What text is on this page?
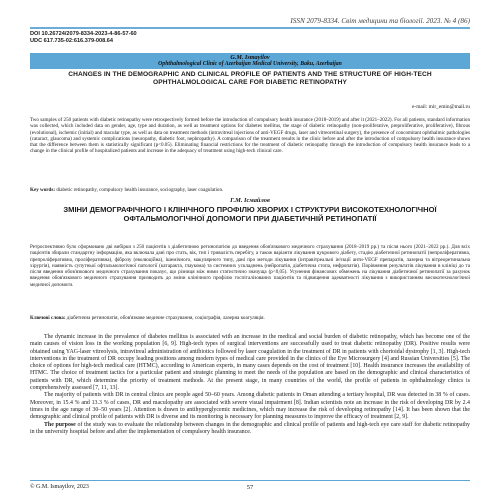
ISSN 2079-8334. Світ медицини та біології. 2023. № 4 (86)
DOI 10.26724/2079-8334-2023-4-86-57-60
UDC 617.735-02:616.379-008.64
G.M. Ismayilov
Ophthalmological Clinic of Azerbaijan Medical University, Baku, Azerbaijan
CHANGES IN THE DEMOGRAPHIC AND CLINICAL PROFILE OF PATIENTS AND THE STRUCTURE OF HIGH-TECH OPHTHALMOLOGICAL CARE FOR DIABETIC RETINOPATHY
e-mail: mir_emin@mail.ru
Two samples of 250 patients with diabetic retinopathy were retrospectively formed before the introduction of compulsory health insurance (2018–2019) and after it (2021–2022). For all patients, standard information was collected, which included data on gender, age, type and duration, as well as treatment options for diabetes mellitus, the stage of diabetic retinopathy (non-proliferative, preproliferative, proliferative), fibrous (evolutional), ischemic (initial) and macular type, as well as data on treatment methods (intravitreal injections of anti-VEGF drugs, laser and vitreoretinal surgery), the presence of concomitant ophthalmic pathologies (cataract, glaucoma) and systemic complications (neuropathy, diabetic foot, nephropathy). A comparison of the treatment results in the clinic before and after the introduction of compulsory health insurance shows that the difference between them is statistically significant (p<0.05). Eliminating financial restrictions for the treatment of diabetic retinopathy through the introduction of compulsory health insurance leads to a change in the clinical profile of hospitalized patients and increase in the adequacy of treatment using high-tech clinical care.
Key words: diabetic retinopathy, compulsory health insurance, sociography, laser coagulation.
Г.М. Ісмайлов
ЗМІНИ ДЕМОГРАФІЧНОГО І КЛІНІЧНОГО ПРОФІЛЮ ХВОРИХ І СТРУКТУРИ ВИСОКОТЕХНОЛОГІЧНОЇ ОФТАЛЬМОЛОГІЧНОЇ ДОПОМОГИ ПРИ ДІАБЕТИЧНІЙ РЕТИНОПАТІЇ
Ретроспективно було сформовано дві вибірки з 250 пацієнтів з діабетичною ретинопатією до введення обов'язкового медичного страхування (2018–2019 рр.) та після нього (2021–2022 рр.). Для всіх пацієнтів збирали стандартну інформацію, яка включала дані про стать, вік, тип і тривалість перебігу, а також варіанти лікування цукрового діабету, стадію діабетичної ретинопатії (непроліферативна, препроліферативна, проліферативна), фіброзу (еволюційна), ішемічного, макулярного типу, дані про методи лікування (інтравітреальні ін'єкції анти-VEGF препаратів, лазерна та вітреоретинальна хірургія), наявність супутньої офтальмологічної патології (катаракта, глаукома) та системних ускладнень (нейропатія, діабетична стопа, нефропатія). Порівняння результатів лікування в клініці до та після введення обов'язкового медичного страхування показує, що різниця між ними статистично значуща (p<0,05). Усунення фінансових обмежень на лікування діабетичної ретинопатії за рахунок введення обов'язкового медичного страхування призводить до зміни клінічного профілю госпіталізованих пацієнтів та підвищення адекватності лікування з використанням високотехнологічної медичної допомоги.
Ключові слова: діабетична ретинопатія, обов'язкове медичне страхування, соціографія, лазерна коагуляція.

The dynamic increase in the prevalence of diabetes mellitus is associated with an increase in the medical and social burden of diabetic retinopathy, which has become one of the main causes of vision loss in the working population [6, 9]. High-tech types of surgical interventions are successfully used to treat diabetic retinopathy (DR). Positive results were obtained using YAG-laser vitreolysis, intravitreal administration of antibiotics followed by laser coagulation in the treatment of DR in patients with chorioidal dystrophy [1, 3]. High-tech interventions in the treatment of DR occupy leading positions among modern types of medical care provided in the clinics of the Eye Microsurgery [4] and Russian Universities [5]. The choice of options for high-tech medical care (HTMC), according to American experts, in many cases depends on the cost of treatment [10]. Health insurance increases the availability of HTMC. The choice of treatment tactics for a particular patient and strategic planning to meet the needs of the population are based on the demographic and clinical characteristics of patients with DR, which determine the priority of treatment methods. At the present stage, in many countries of the world, the profile of patients in ophthalmology clinics is comprehensively assessed [7, 11, 13].

The majority of patients with DR in central clinics are people aged 50–60 years. Among diabetic patients in Oman attending a tertiary hospital, DR was detected in 38 % of cases. Moreover, in 15.4 % and 13.3 % of cases, DR and maculopathy are associated with severe visual impairment [8]. Indian scientists note an increase in the risk of developing DR by 2.4 times in the age range of 30–50 years [2]. Attention is drawn to antihyperglycemic medicines, which may increase the risk of developing retinopathy [14]. It has been shown that the demographic and clinical profile of patients with DR is diverse and its monitoring is necessary for planning measures to improve the efficacy of treatment [2, 9].

The purpose of the study was to evaluate the relationship between changes in the demographic and clinical profile of patients and high-tech eye care staff for diabetic retinopathy in the university hospital before and after the implementation of compulsory health insurance.

© G.M. Ismayilov, 2023	57
